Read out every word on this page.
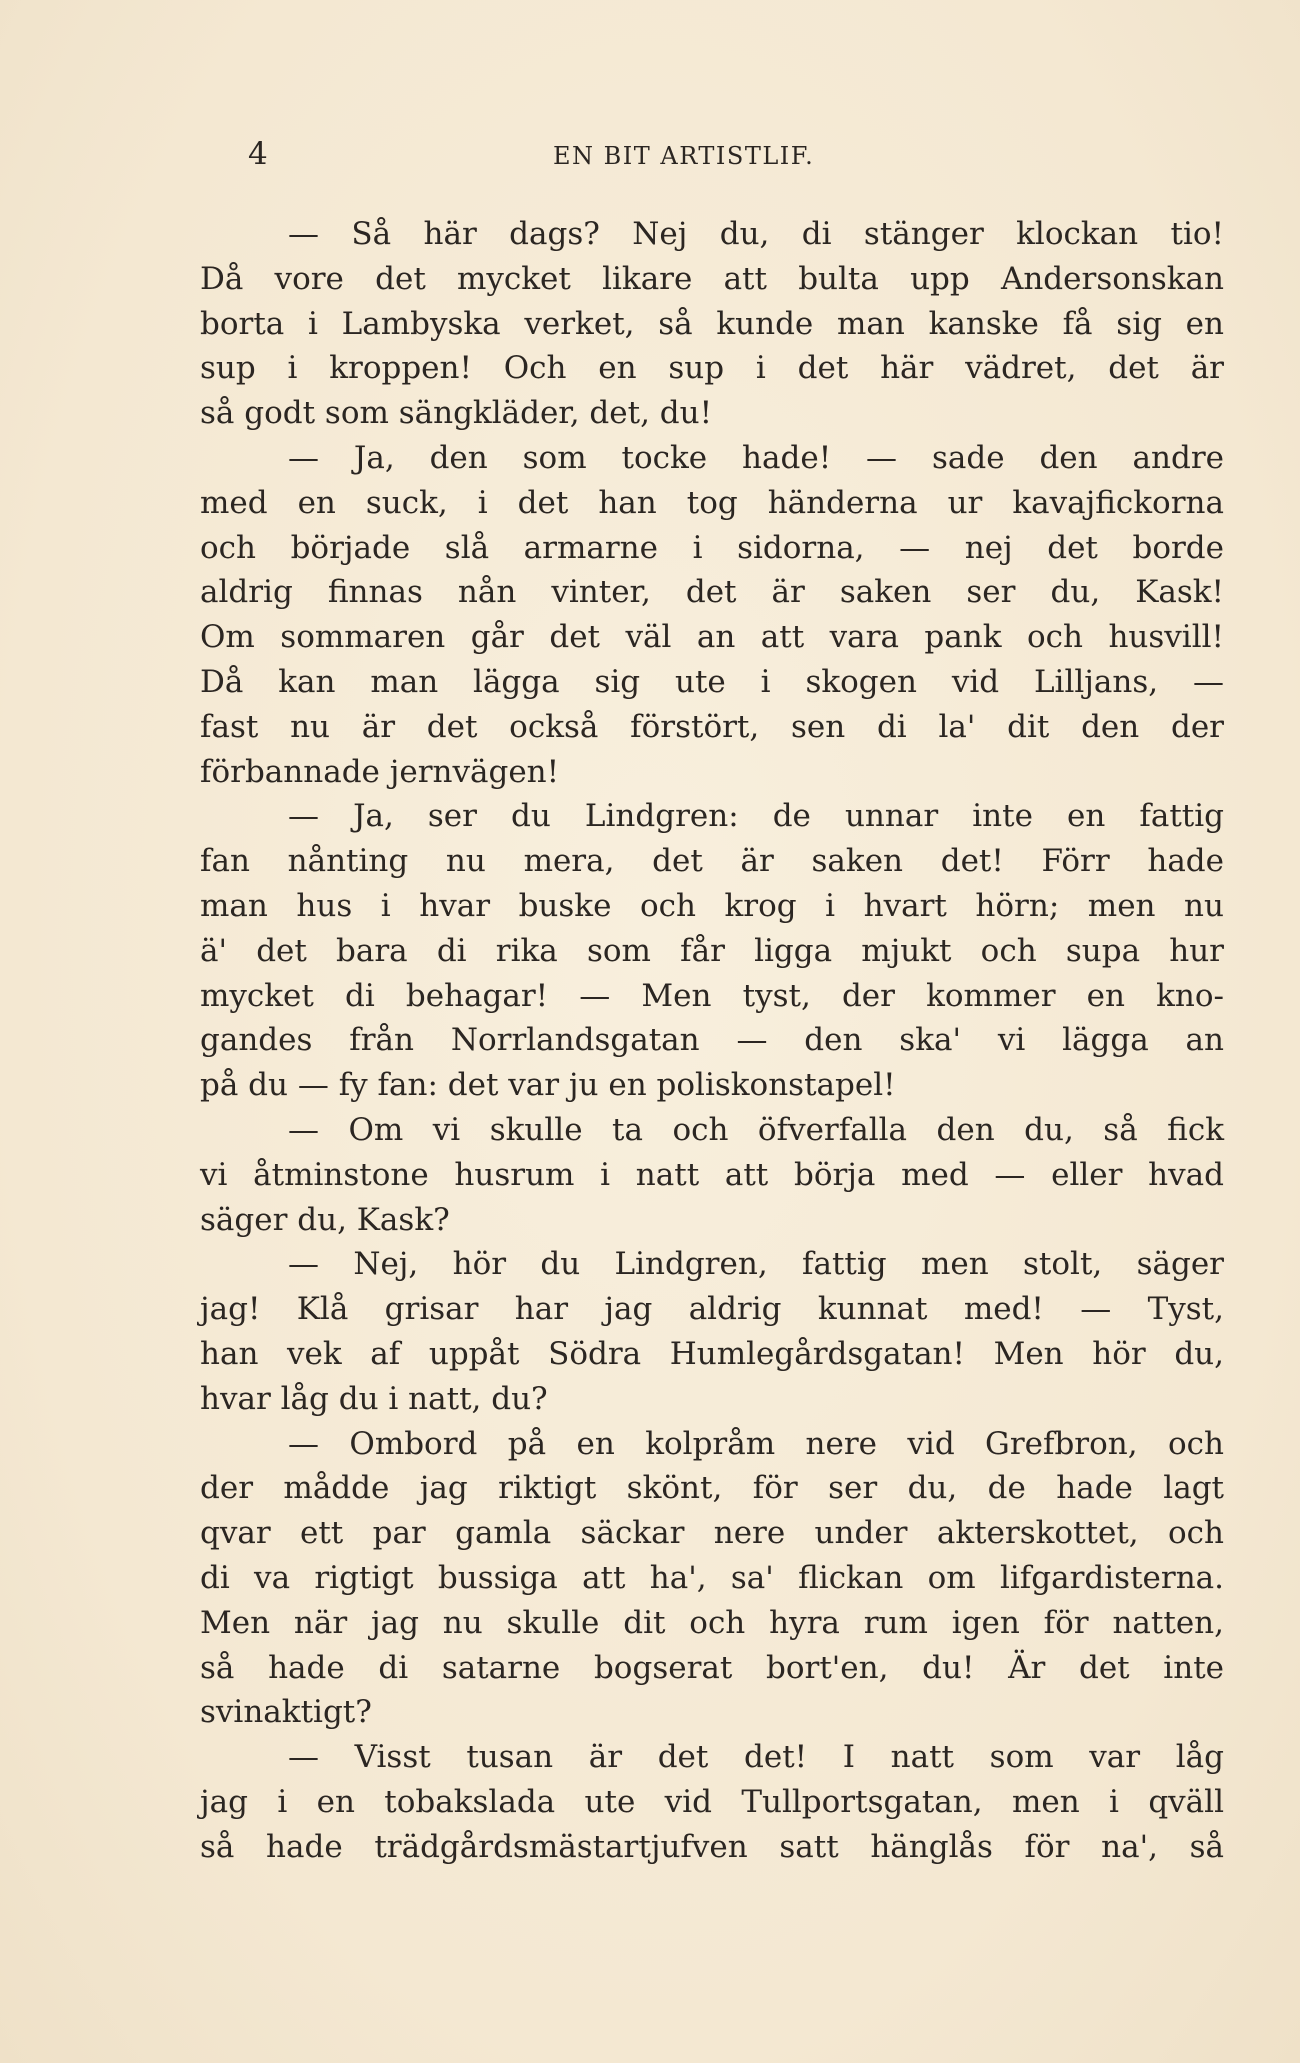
4	EN BIT ARTISTLIF.
— Så här dags? Nej du, di stänger klockan tio!
Då vore det mycket likare att bulta upp Andersonskan
borta i Lambyska verket, så kunde man kanske få sig en
sup i kroppen! Och en sup i det här vädret, det är
så godt som sängkläder, det, du!
— Ja, den som tocke hade! — sade den andre
med en suck, i det han tog händerna ur kavajfickorna
och började slå armarne i sidorna, — nej det borde
aldrig finnas nån vinter, det är saken ser du, Kask!
Om sommaren går det väl an att vara pank och husvill!
Då kan man lägga sig ute i skogen vid Lilljans, —
fast nu är det också förstört, sen di la' dit den der
förbannade jernvägen!
— Ja, ser du Lindgren: de unnar inte en fattig
fan nånting nu mera, det är saken det! Förr hade
man hus i hvar buske och krog i hvart hörn; men nu
ä' det bara di rika som får ligga mjukt och supa hur
mycket di behagar! — Men tyst, der kommer en kno-
gandes från Norrlandsgatan — den ska' vi lägga an
på du — fy fan: det var ju en poliskonstapel!
— Om vi skulle ta och öfverfalla den du, så fick
vi åtminstone husrum i natt att börja med — eller hvad
säger du, Kask?
— Nej, hör du Lindgren, fattig men stolt, säger
jag! Klå grisar har jag aldrig kunnat med! — Tyst,
han vek af uppåt Södra Humlegårdsgatan! Men hör du,
hvar låg du i natt, du?
— Ombord på en kolpråm nere vid Grefbron, och
der mådde jag riktigt skönt, för ser du, de hade lagt
qvar ett par gamla säckar nere under akterskottet, och
di va rigtigt bussiga att ha', sa' flickan om lifgardisterna.
Men när jag nu skulle dit och hyra rum igen för natten,
så hade di satarne bogserat bort'en, du! Är det inte
svinaktigt?
— Visst tusan är det det! I natt som var låg
jag i en tobakslada ute vid Tullportsgatan, men i qväll
så hade trädgårdsmästartjufven satt hänglås för na', så
